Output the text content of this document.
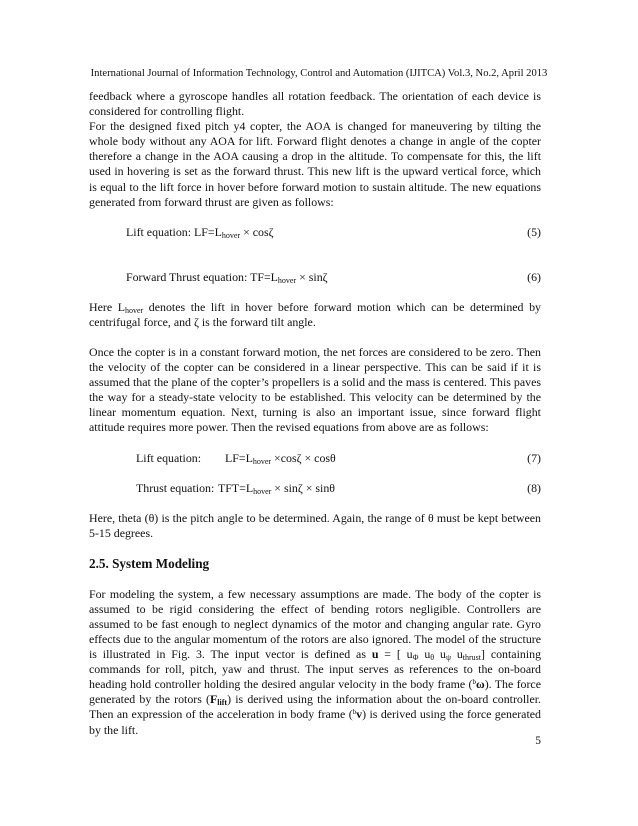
International Journal of Information Technology, Control and Automation (IJITCA) Vol.3, No.2, April 2013

feedback where a gyroscope handles all rotation feedback. The orientation of each device is considered for controlling flight.

For the designed fixed pitch y4 copter, the AOA is changed for maneuvering by tilting the whole body without any AOA for lift. Forward flight denotes a change in angle of the copter therefore a change in the AOA causing a drop in the altitude. To compensate for this, the lift used in hovering is set as the forward thrust. This new lift is the upward vertical force, which is equal to the lift force in hover before forward motion to sustain altitude. The new equations generated from forward thrust are given as follows:

Lift equation: $LF=L_{hover} \times \cos\zeta$	(5)
Forward Thrust equation: $TF=L_{hover} \times \sin\zeta$	(6)

Here $L_{hover}$ denotes the lift in hover before forward motion which can be determined by centrifugal force, and ζ is the forward tilt angle.

Once the copter is in a constant forward motion, the net forces are considered to be zero. Then the velocity of the copter can be considered in a linear perspective. This can be said if it is assumed that the plane of the copter’s propellers is a solid and the mass is centered. This paves the way for a steady-state velocity to be established. This velocity can be determined by the linear momentum equation. Next, turning is also an important issue, since forward flight attitude requires more power. Then the revised equations from above are as follows:

Lift equation: $LF=L_{hover} \times\cos\zeta \times \cos\theta$	(7)
Thrust equation: $TFT=L_{hover} \times \sin\zeta \times \sin\theta$	(8)

Here, theta (θ) is the pitch angle to be determined. Again, the range of θ must be kept between 5-15 degrees.

2.5. System Modeling

For modeling the system, a few necessary assumptions are made. The body of the copter is assumed to be rigid considering the effect of bending rotors negligible. Controllers are assumed to be fast enough to neglect dynamics of the motor and changing angular rate. Gyro effects due to the angular momentum of the rotors are also ignored. The model of the structure is illustrated in Fig. 3. The input vector is defined as u = [ $u_\Phi$ $u_\theta$ $u_\psi$ $u_{thrust}$] containing commands for roll, pitch, yaw and thrust. The input serves as references to the on-board heading hold controller holding the desired angular velocity in the body frame ($^b$ω). The force generated by the rotors $(F_{lift})$ is derived using the information about the on-board controller. Then an expression of the acceleration in body frame ($^b$v) is derived using the force generated by the lift.

5
